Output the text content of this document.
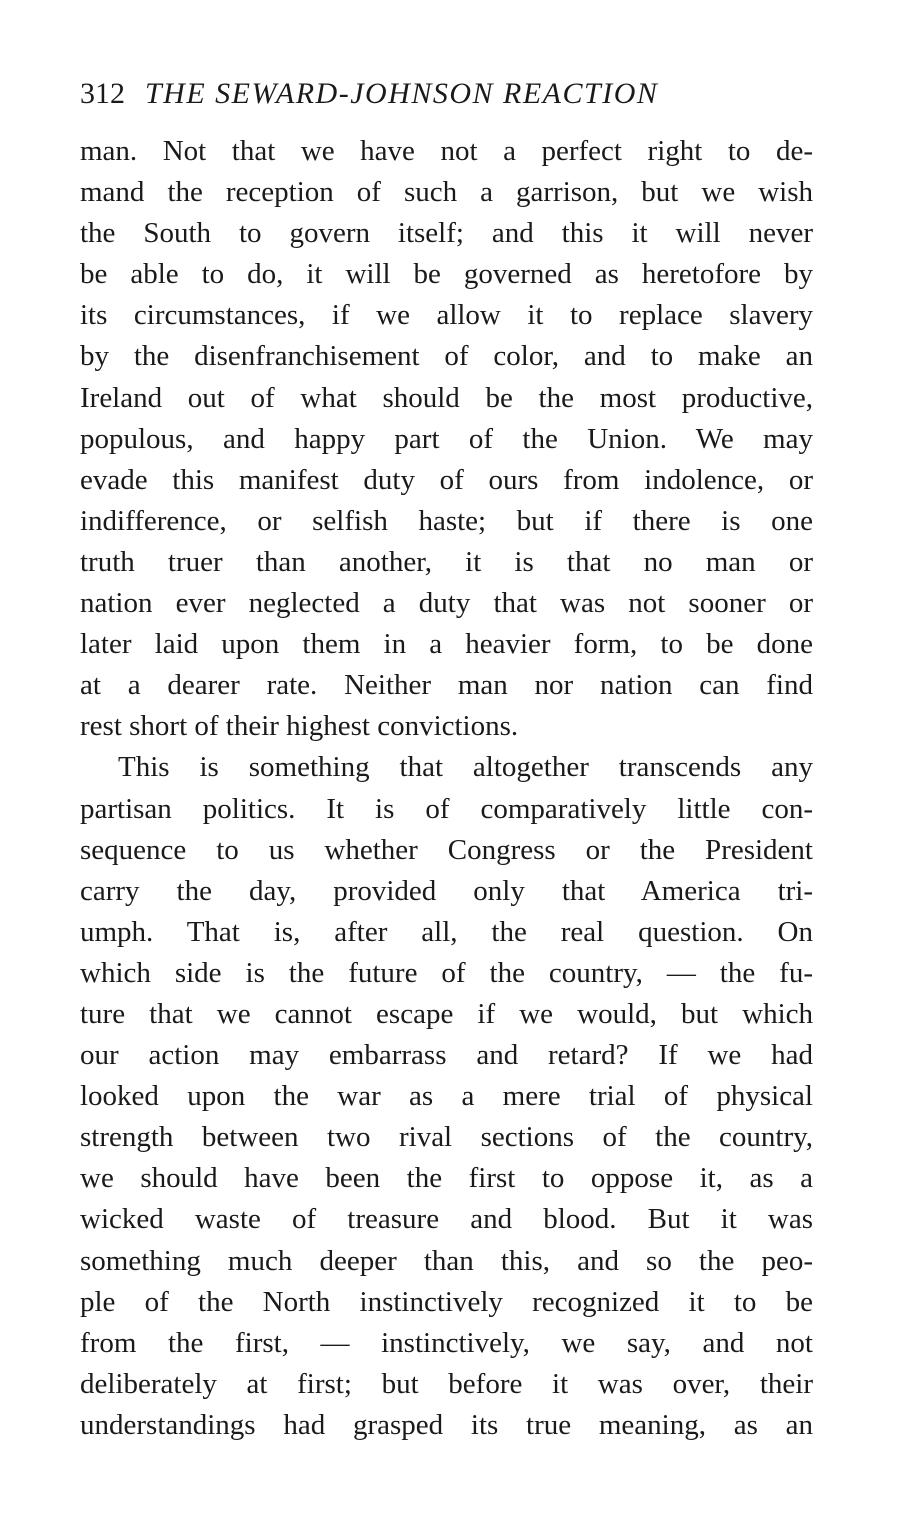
312 THE SEWARD-JOHNSON REACTION
man. Not that we have not a perfect right to de-
mand the reception of such a garrison, but we wish
the South to govern itself; and this it will never
be able to do, it will be governed as heretofore by
its circumstances, if we allow it to replace slavery
by the disenfranchisement of color, and to make an
Ireland out of what should be the most productive,
populous, and happy part of the Union. We may
evade this manifest duty of ours from indolence, or
indifference, or selfish haste; but if there is one
truth truer than another, it is that no man or
nation ever neglected a duty that was not sooner or
later laid upon them in a heavier form, to be done
at a dearer rate. Neither man nor nation can find
rest short of their highest convictions.
This is something that altogether transcends any
partisan politics. It is of comparatively little con-
sequence to us whether Congress or the President
carry the day, provided only that America tri-
umph. That is, after all, the real question. On
which side is the future of the country, — the fu-
ture that we cannot escape if we would, but which
our action may embarrass and retard? If we had
looked upon the war as a mere trial of physical
strength between two rival sections of the country,
we should have been the first to oppose it, as a
wicked waste of treasure and blood. But it was
something much deeper than this, and so the peo-
ple of the North instinctively recognized it to be
from the first, — instinctively, we say, and not
deliberately at first; but before it was over, their
understandings had grasped its true meaning, as an
